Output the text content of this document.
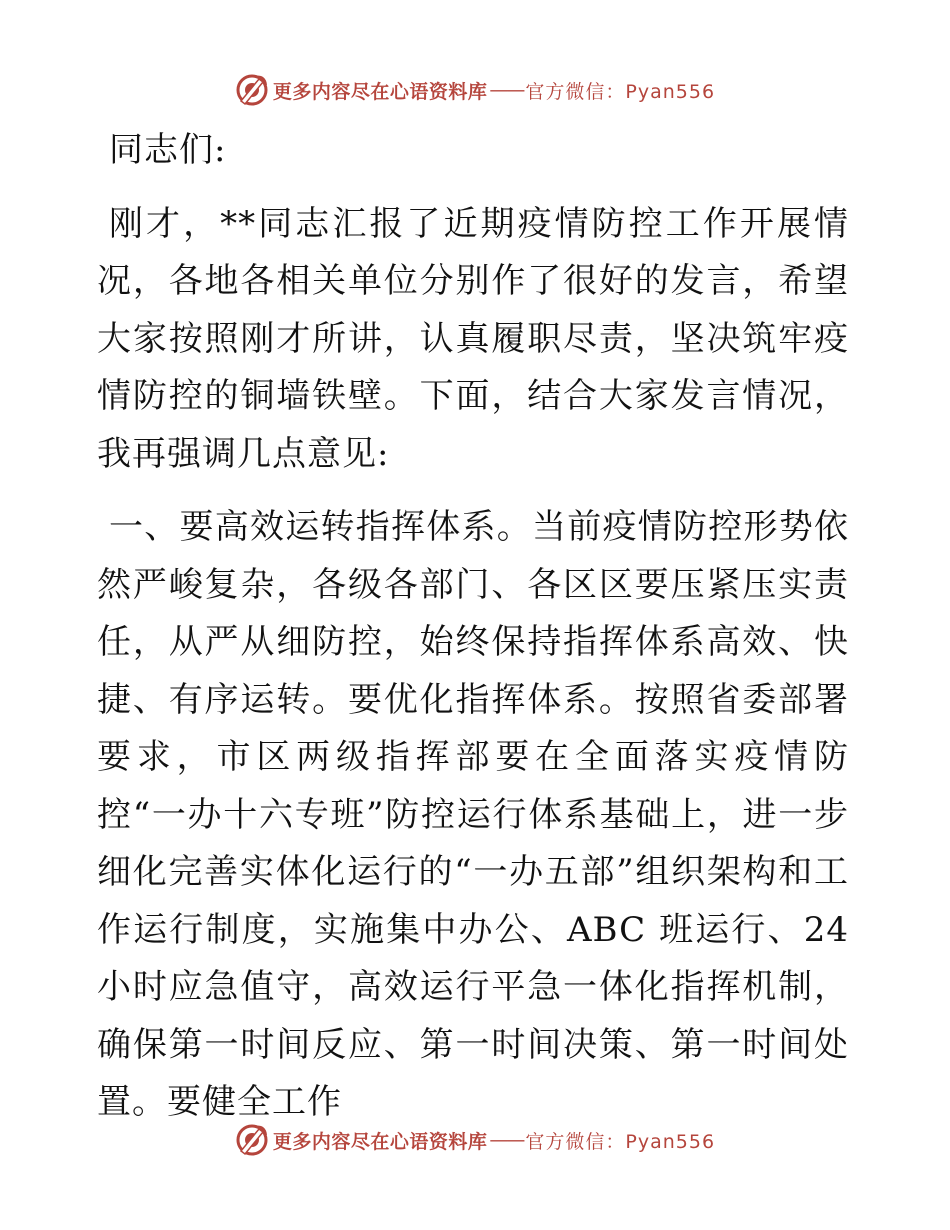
更多内容尽在心语资料库 —— 官方微信：Pyan556

同志们:

刚才，**同志汇报了近期疫情防控工作开展情况，各地各相关单位分别作了很好的发言，希望大家按照刚才所讲，认真履职尽责，坚决筑牢疫情防控的铜墙铁壁。下面，结合大家发言情况，我再强调几点意见:

一、要高效运转指挥体系。当前疫情防控形势依然严峻复杂，各级各部门、各区区要压紧压实责任，从严从细防控，始终保持指挥体系高效、快捷、有序运转。要优化指挥体系。按照省委部署要求，市区两级指挥部要在全面落实疫情防控“一办十六专班”防控运行体系基础上，进一步细化完善实体化运行的“一办五部”组织架构和工作运行制度，实施集中办公、ABC 班运行、24 小时应急值守，高效运行平急一体化指挥机制，确保第一时间反应、第一时间决策、第一时间处置。要健全工作

更多内容尽在心语资料库 —— 官方微信：Pyan556
